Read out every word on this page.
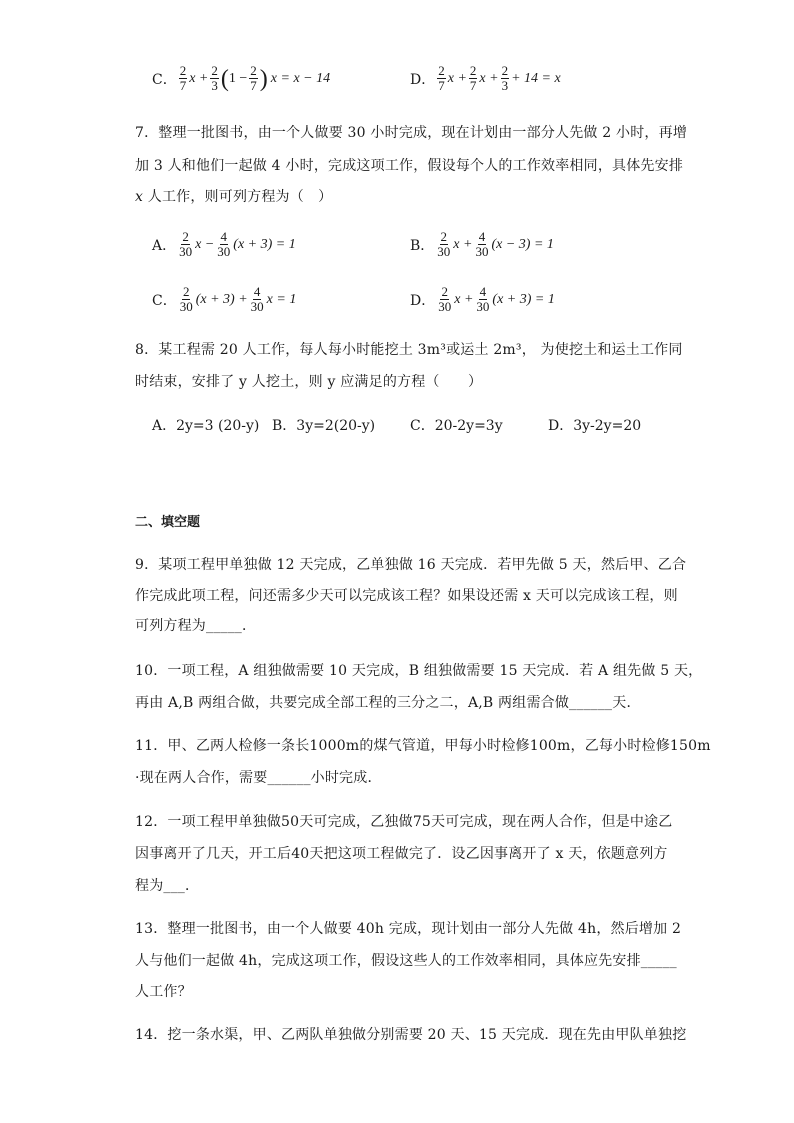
C． $\frac{2}{7}$ $x + \frac{2}{3}$ ( $1 - \frac{2}{7}$ ) x = x − 14	D． $\frac{2}{7}$ $x + \frac{2}{7}$ $x + \frac{2}{3} + 14 = x$
7．整理一批图书，由一个人做要 30 小时完成，现在计划由一部分人先做 2 小时，再增
加 3 人和他们一起做 4 小时，完成这项工作，假设每个人的工作效率相同，具体先安排
x 人工作，则可列方程为（　）
A． $\frac{2}{30}$ $x - \frac{4}{30} (x + 3) = 1$	B． $\frac{2}{30}$ $x + \frac{4}{30} (x - 3) = 1$
C． $\frac{2}{30} (x + 3) + \frac{4}{30}$ x = 1	D． $\frac{2}{30}$ $x + \frac{4}{30} (x + 3) = 1$
8．某工程需 20 人工作，每人每小时能挖土 3m³或运土 2m³， 为使挖土和运土工作同
时结束，安排了 y 人挖土，则 y 应满足的方程（　　）
A．2y=3 (20-y) B．3y=2(20-y) C．20-2y=3y	D．3y-2y=20
二、填空题
9．某项工程甲单独做 12 天完成，乙单独做 16 天完成．若甲先做 5 天，然后甲、乙合
作完成此项工程，问还需多少天可以完成该工程？如果设还需 x 天可以完成该工程，则
可列方程为_____．
10．一项工程，A 组独做需要 10 天完成，B 组独做需要 15 天完成．若 A 组先做 5 天，
再由 A,B 两组合做，共要完成全部工程的三分之二，A,B 两组需合做______天．
11．甲、乙两人检修一条长1000m的煤气管道，甲每小时检修100m，乙每小时检修150m
·现在两人合作，需要______小时完成．
12．一项工程甲单独做50天可完成，乙独做75天可完成，现在两人合作，但是中途乙
因事离开了几天，开工后40天把这项工程做完了．设乙因事离开了 x 天，依题意列方
程为___．
13．整理一批图书，由一个人做要 40h 完成，现计划由一部分人先做 4h，然后增加 2
人与他们一起做 4h，完成这项工作，假设这些人的工作效率相同，具体应先安排_____
人工作？
14．挖一条水渠，甲、乙两队单独做分别需要 20 天、15 天完成．现在先由甲队单独挖
